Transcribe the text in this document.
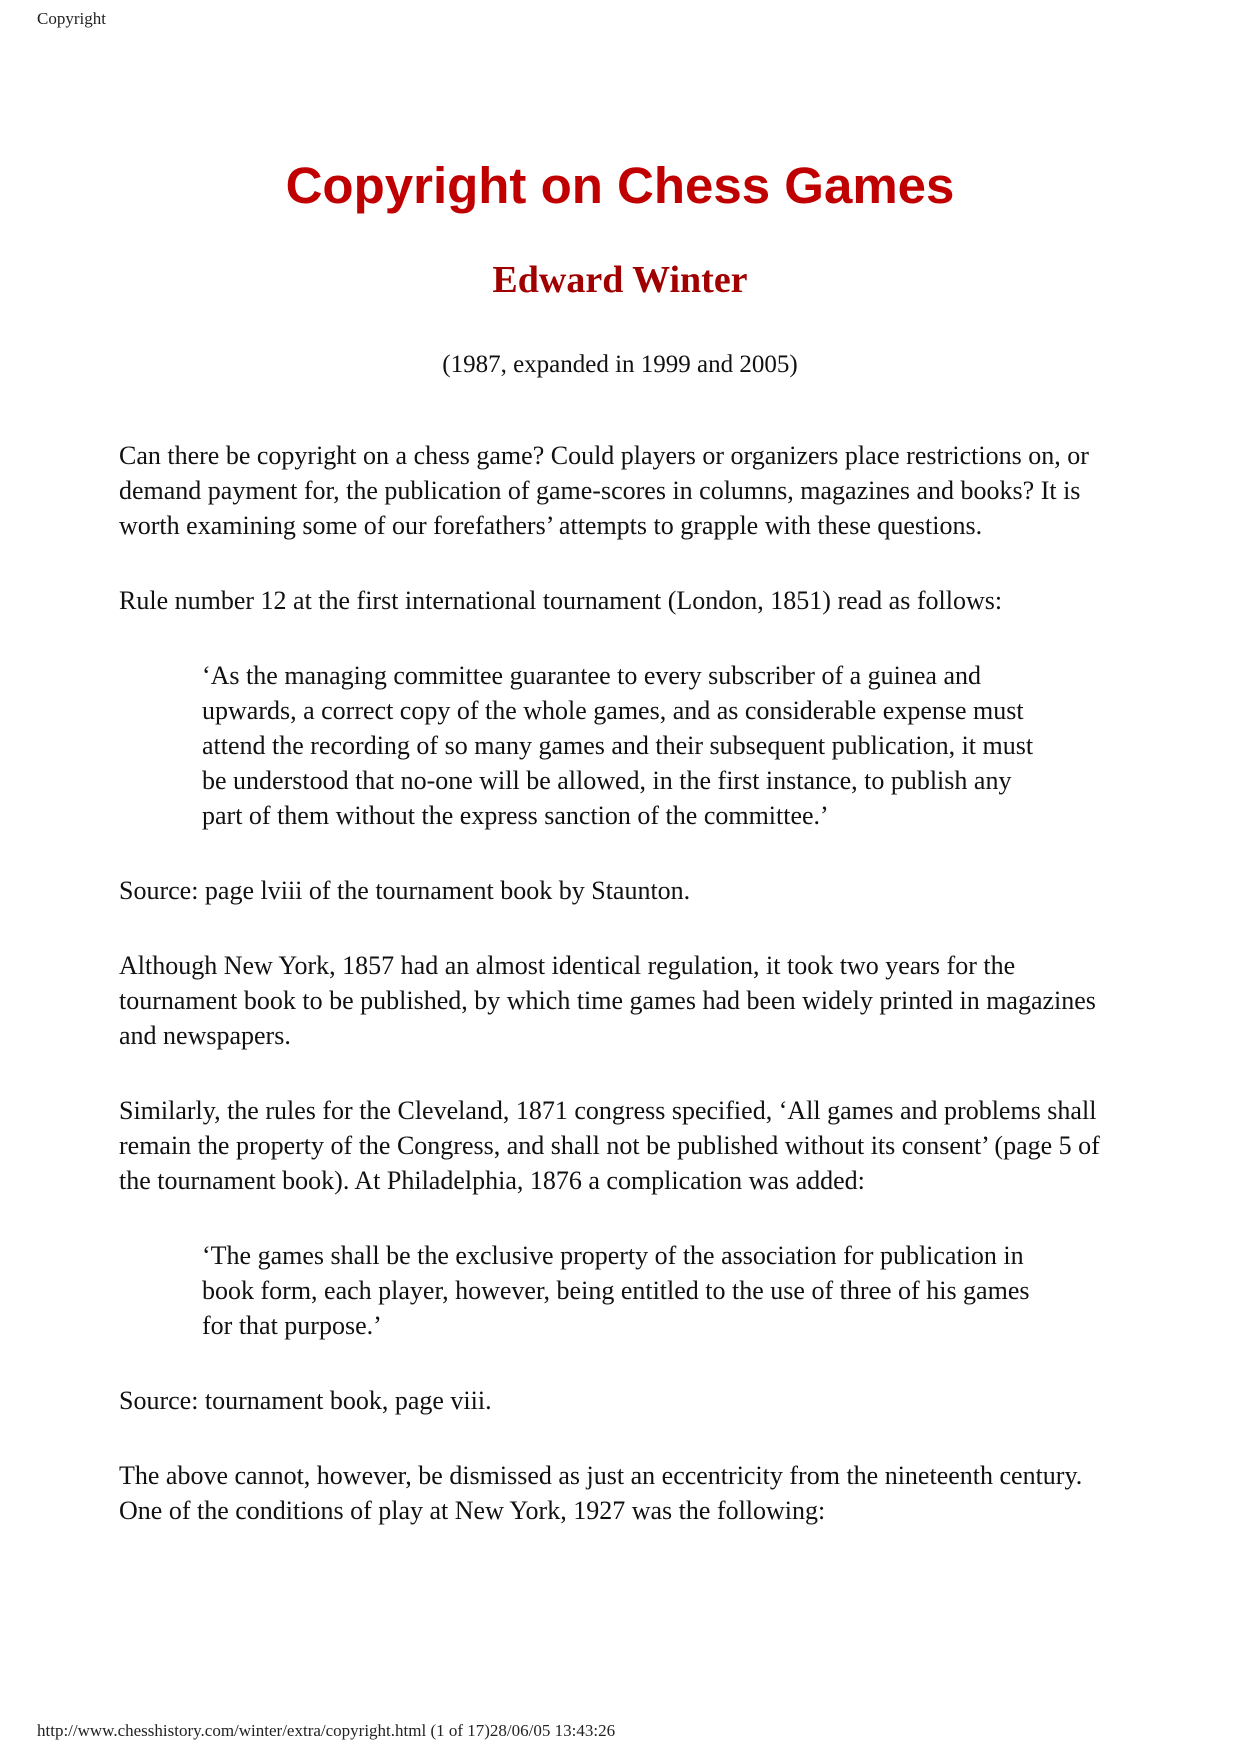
Copyright
Copyright on Chess Games
Edward Winter

(1987, expanded in 1999 and 2005)

Can there be copyright on a chess game? Could players or organizers place restrictions on, or demand payment for, the publication of game-scores in columns, magazines and books? It is worth examining some of our forefathers’ attempts to grapple with these questions.

Rule number 12 at the first international tournament (London, 1851) read as follows:

‘As the managing committee guarantee to every subscriber of a guinea and upwards, a correct copy of the whole games, and as considerable expense must attend the recording of so many games and their subsequent publication, it must be understood that no-one will be allowed, in the first instance, to publish any part of them without the express sanction of the committee.’

Source: page lviii of the tournament book by Staunton.

Although New York, 1857 had an almost identical regulation, it took two years for the tournament book to be published, by which time games had been widely printed in magazines and newspapers.

Similarly, the rules for the Cleveland, 1871 congress specified, ‘All games and problems shall remain the property of the Congress, and shall not be published without its consent’ (page 5 of the tournament book). At Philadelphia, 1876 a complication was added:

‘The games shall be the exclusive property of the association for publication in book form, each player, however, being entitled to the use of three of his games for that purpose.’

Source: tournament book, page viii.

The above cannot, however, be dismissed as just an eccentricity from the nineteenth century. One of the conditions of play at New York, 1927 was the following:

http://www.chesshistory.com/winter/extra/copyright.html (1 of 17)28/06/05 13:43:26
